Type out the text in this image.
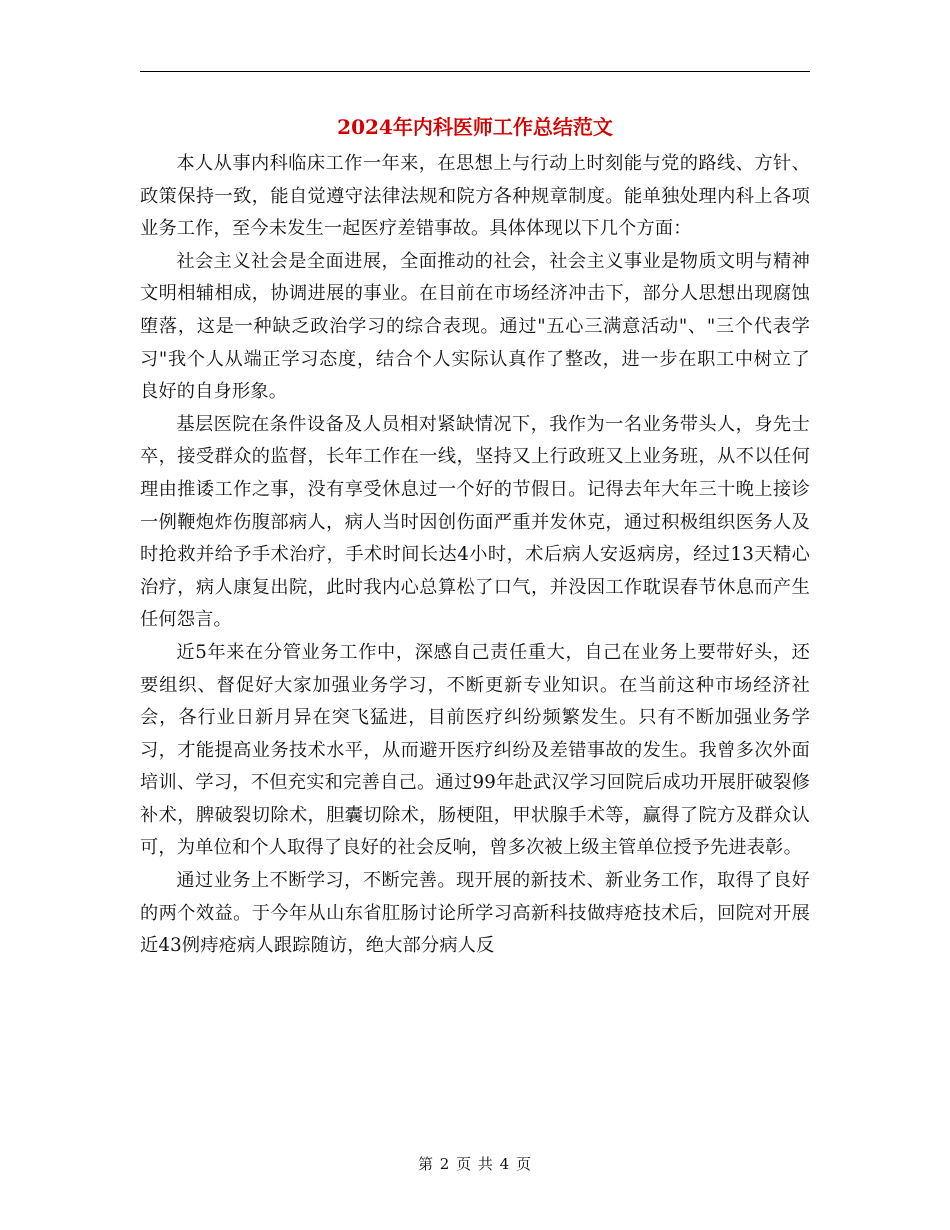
2024年内科医师工作总结范文

本人从事内科临床工作一年来，在思想上与行动上时刻能与党的路线、方针、政策保持一致，能自觉遵守法律法规和院方各种规章制度。能单独处理内科上各项业务工作，至今未发生一起医疗差错事故。具体体现以下几个方面：

社会主义社会是全面进展，全面推动的社会，社会主义事业是物质文明与精神文明相辅相成，协调进展的事业。在目前在市场经济冲击下，部分人思想出现腐蚀堕落，这是一种缺乏政治学习的综合表现。通过"五心三满意活动"、"三个代表学习"我个人从端正学习态度，结合个人实际认真作了整改，进一步在职工中树立了良好的自身形象。

基层医院在条件设备及人员相对紧缺情况下，我作为一名业务带头人，身先士卒，接受群众的监督，长年工作在一线，坚持又上行政班又上业务班，从不以任何理由推诿工作之事，没有享受休息过一个好的节假日。记得去年大年三十晚上接诊一例鞭炮炸伤腹部病人，病人当时因创伤面严重并发休克，通过积极组织医务人及时抢救并给予手术治疗，手术时间长达4小时，术后病人安返病房，经过13天精心治疗，病人康复出院，此时我内心总算松了口气，并没因工作耽误春节休息而产生任何怨言。

近5年来在分管业务工作中，深感自己责任重大，自己在业务上要带好头，还要组织、督促好大家加强业务学习，不断更新专业知识。在当前这种市场经济社会，各行业日新月异在突飞猛进，目前医疗纠纷频繁发生。只有不断加强业务学习，才能提高业务技术水平，从而避开医疗纠纷及差错事故的发生。我曾多次外面培训、学习，不但充实和完善自己。通过99年赴武汉学习回院后成功开展肝破裂修补术，脾破裂切除术，胆囊切除术，肠梗阻，甲状腺手术等，赢得了院方及群众认可，为单位和个人取得了良好的社会反响，曾多次被上级主管单位授予先进表彰。

通过业务上不断学习，不断完善。现开展的新技术、新业务工作，取得了良好的两个效益。于今年从山东省肛肠讨论所学习高新科技做痔疮技术后，回院对开展近43例痔疮病人跟踪随访，绝大部分病人反

第 2 页 共 4 页
